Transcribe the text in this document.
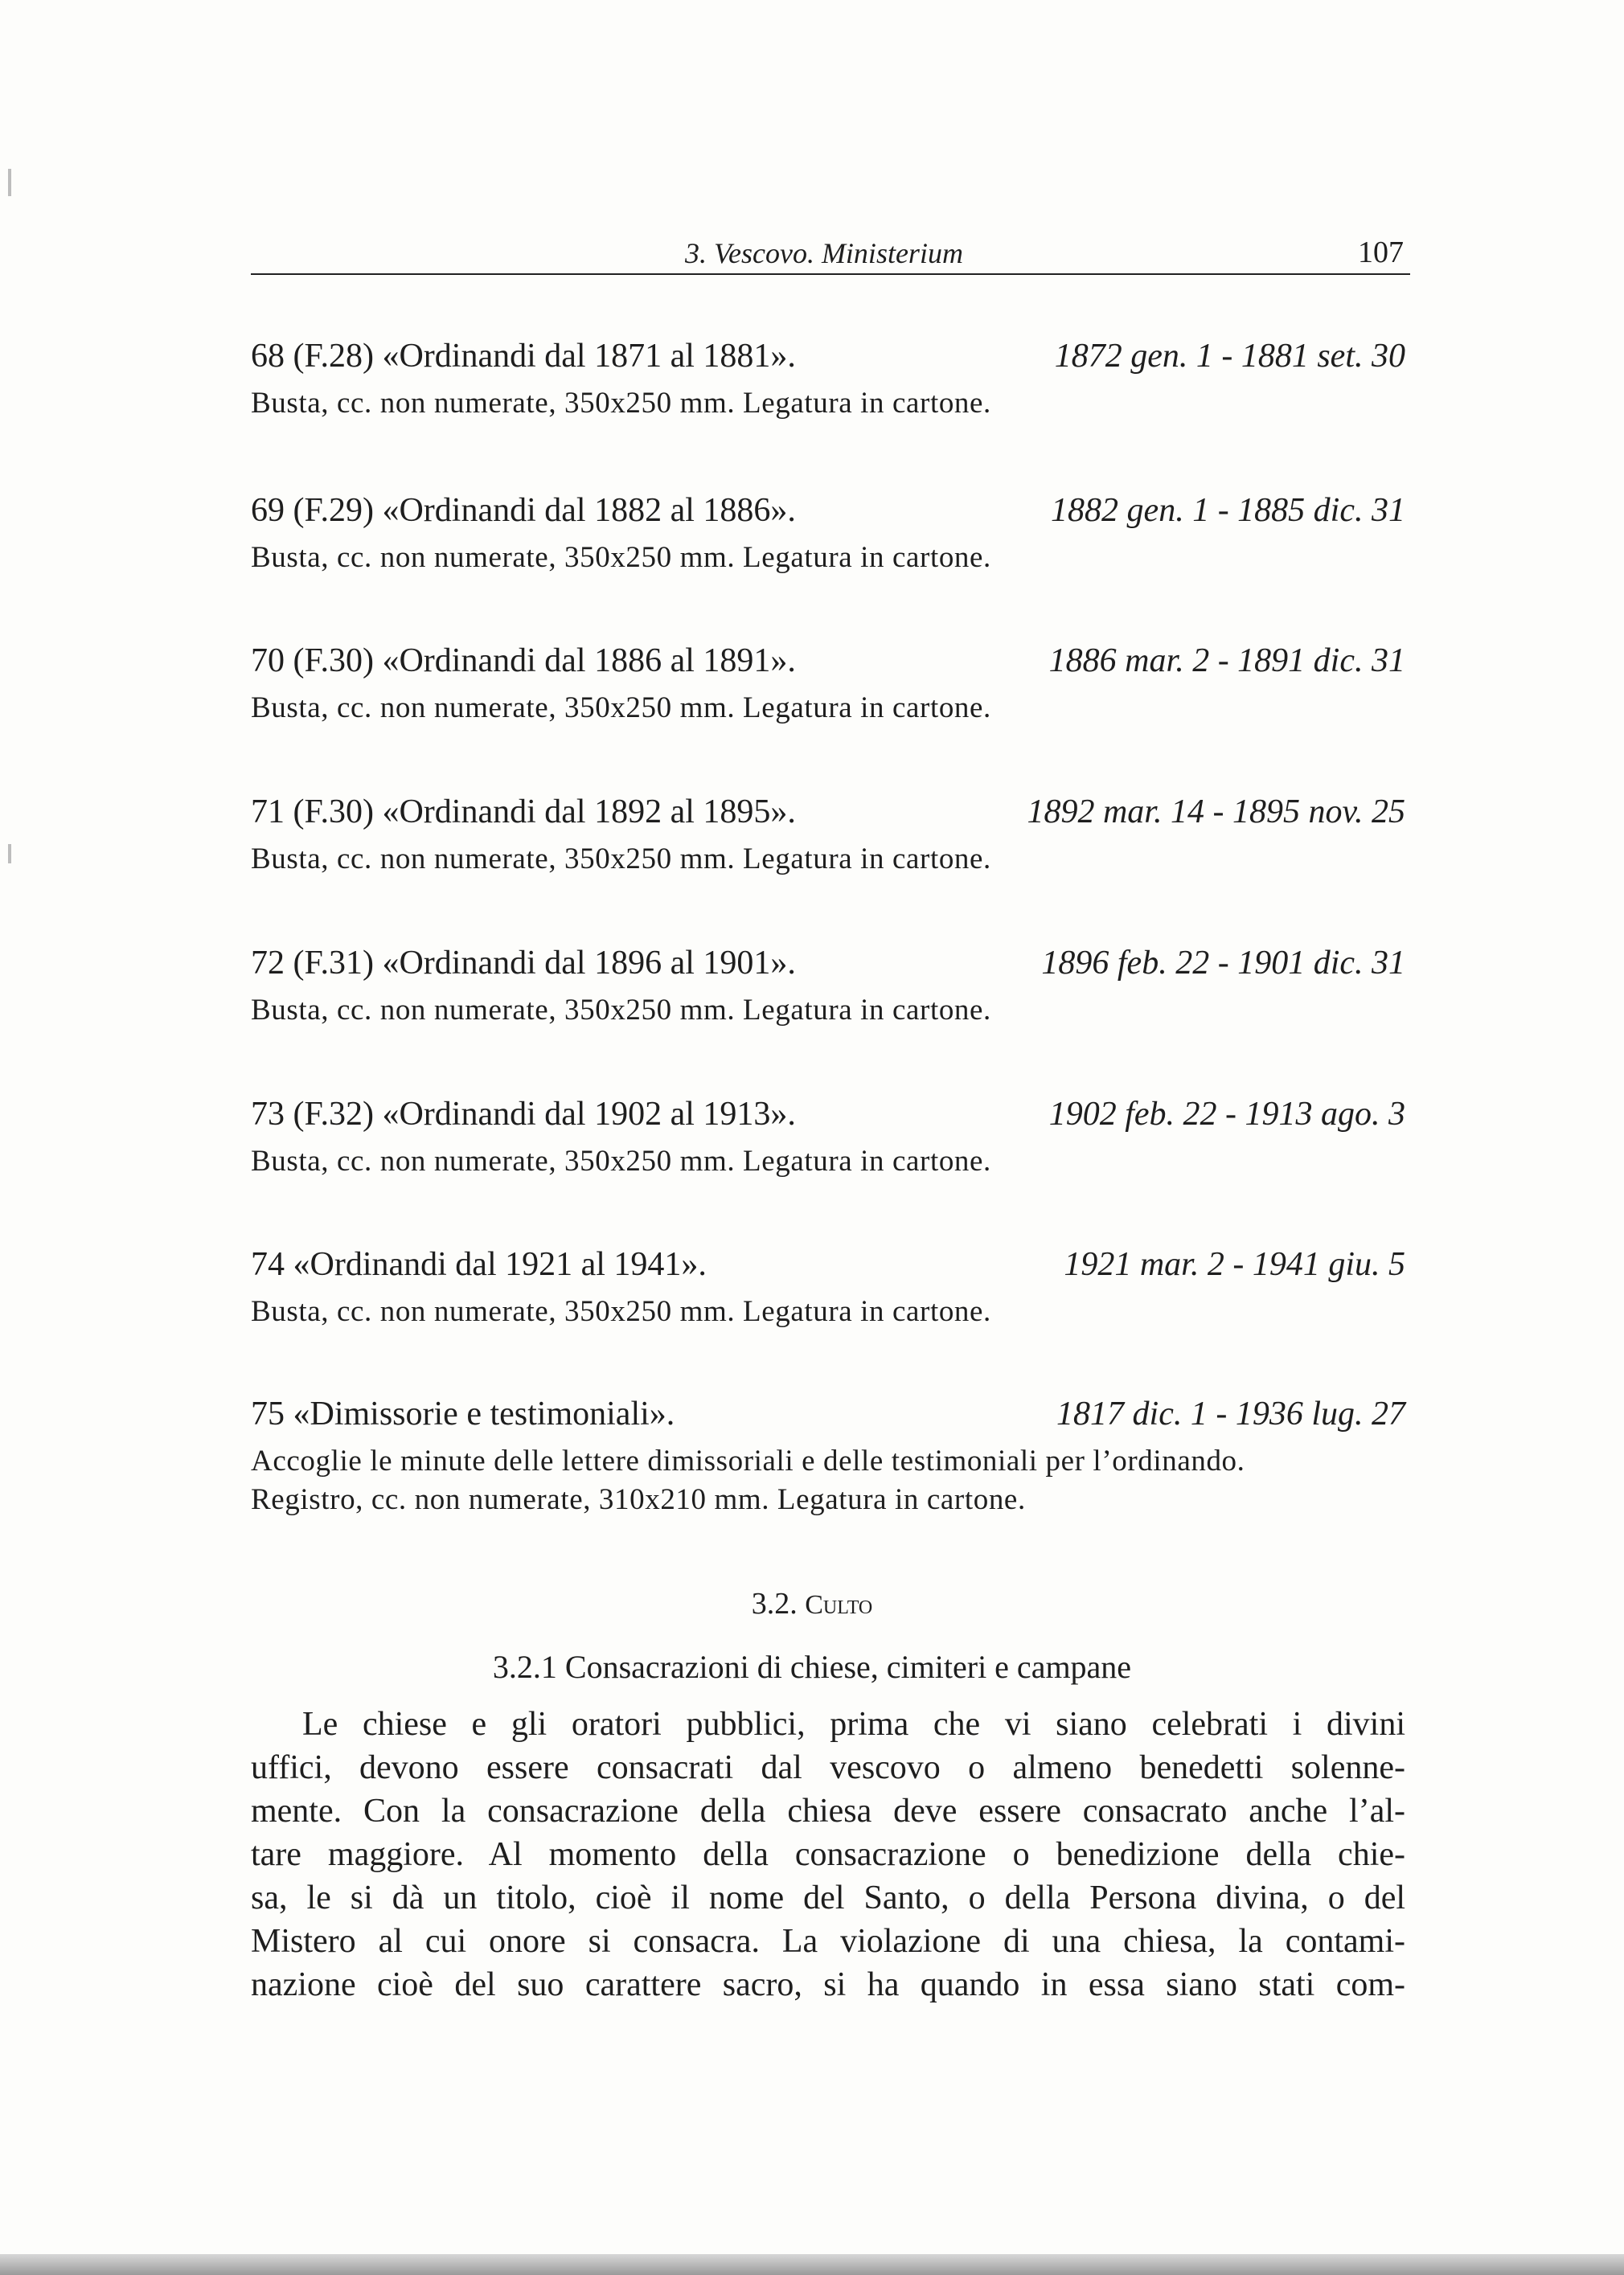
3. Vescovo. Ministerium	107
68 (F.28) «Ordinandi dal 1871 al 1881».	1872 gen. 1 - 1881 set. 30
Busta, cc. non numerate, 350x250 mm. Legatura in cartone.
69 (F.29) «Ordinandi dal 1882 al 1886».	1882 gen. 1 - 1885 dic. 31
Busta, cc. non numerate, 350x250 mm. Legatura in cartone.
70 (F.30) «Ordinandi dal 1886 al 1891».	1886 mar. 2 - 1891 dic. 31
Busta, cc. non numerate, 350x250 mm. Legatura in cartone.
71 (F.30) «Ordinandi dal 1892 al 1895».	1892 mar. 14 - 1895 nov. 25
Busta, cc. non numerate, 350x250 mm. Legatura in cartone.
72 (F.31) «Ordinandi dal 1896 al 1901».	1896 feb. 22 - 1901 dic. 31
Busta, cc. non numerate, 350x250 mm. Legatura in cartone.
73 (F.32) «Ordinandi dal 1902 al 1913».	1902 feb. 22 - 1913 ago. 3
Busta, cc. non numerate, 350x250 mm. Legatura in cartone.
74 «Ordinandi dal 1921 al 1941».	1921 mar. 2 - 1941 giu. 5
Busta, cc. non numerate, 350x250 mm. Legatura in cartone.
75 «Dimissorie e testimoniali».	1817 dic. 1 - 1936 lug. 27
Accoglie le minute delle lettere dimissoriali e delle testimoniali per l’ordinando.
Registro, cc. non numerate, 310x210 mm. Legatura in cartone.
3.2. Culto
3.2.1 Consacrazioni di chiese, cimiteri e campane
Le chiese e gli oratori pubblici, prima che vi siano celebrati i divini
uffici, devono essere consacrati dal vescovo o almeno benedetti solenne-
mente. Con la consacrazione della chiesa deve essere consacrato anche l’al-
tare maggiore. Al momento della consacrazione o benedizione della chie-
sa, le si dà un titolo, cioè il nome del Santo, o della Persona divina, o del
Mistero al cui onore si consacra. La violazione di una chiesa, la contami-
nazione cioè del suo carattere sacro, si ha quando in essa siano stati com-
